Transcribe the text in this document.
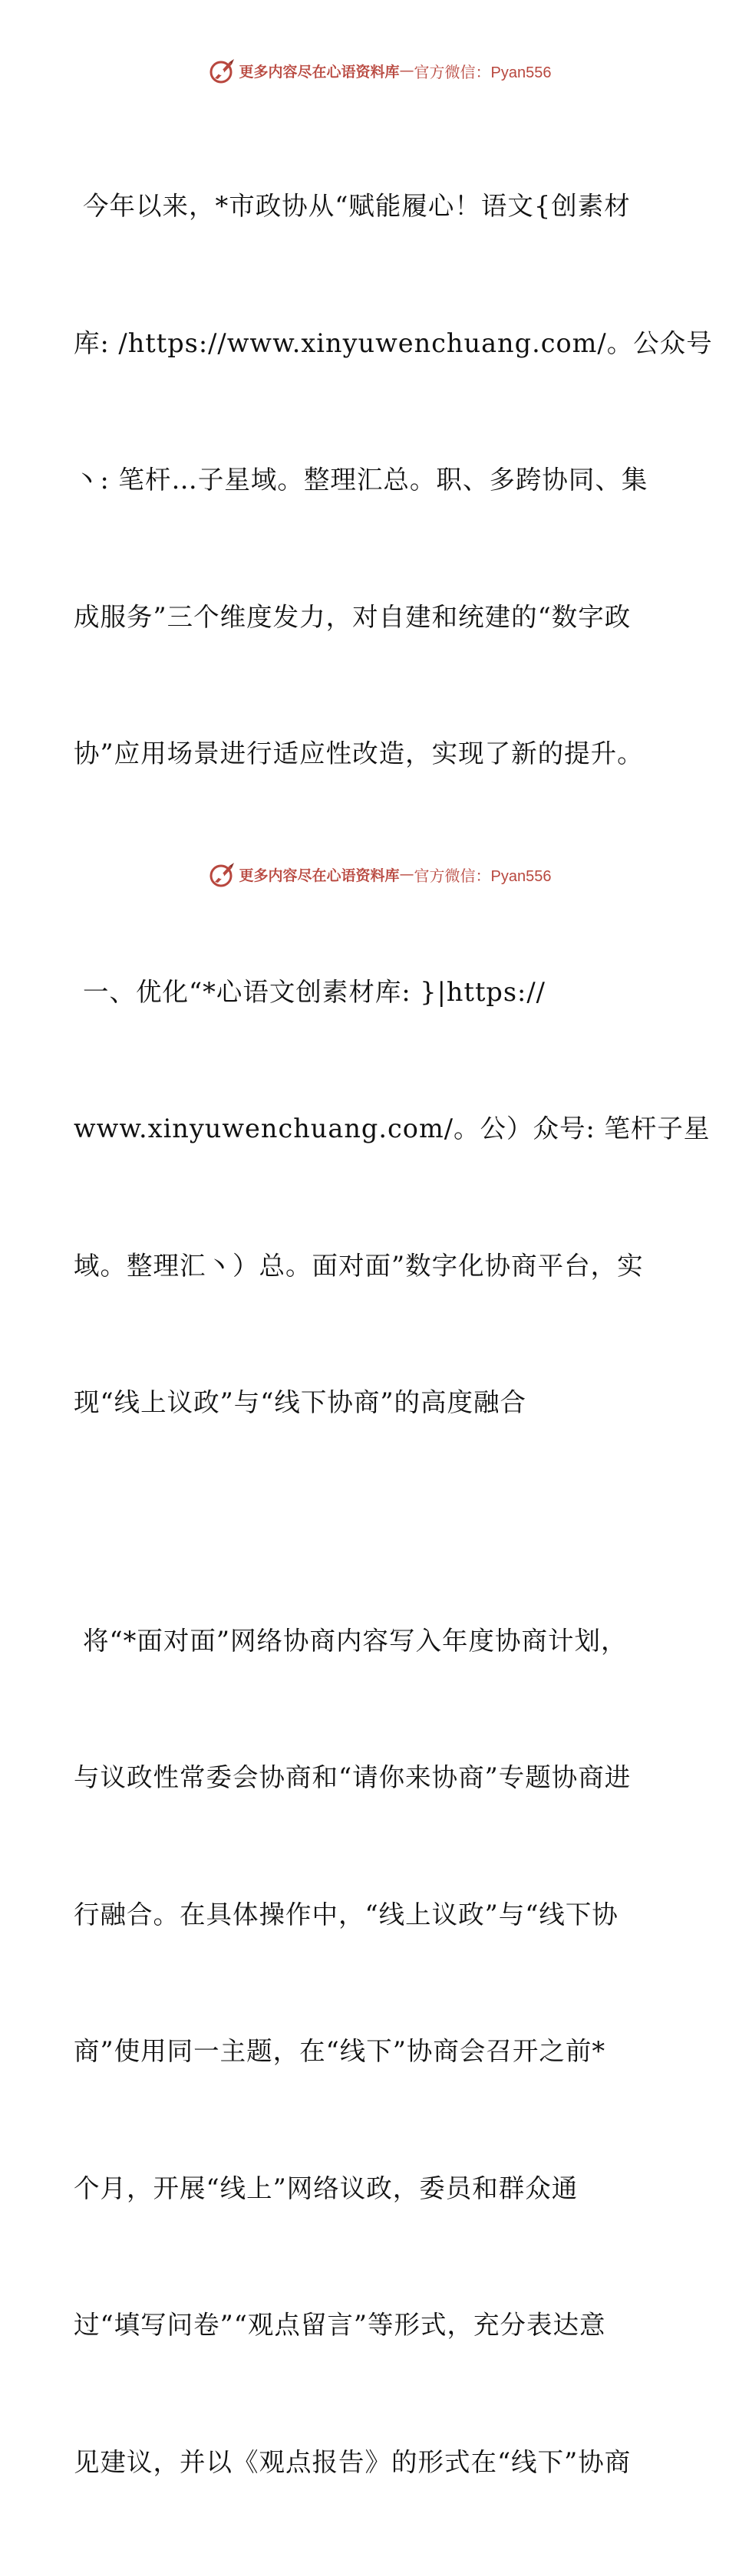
更多内容尽在心语资料库 — 官方微信：Pyan556

今年以来，*市政协从“赋能履心！语文{创素材

库: /https://www.xinyuwenchuang.com/。公众号

丶: 笔杆…子星域。整理汇总。职、多跨协同、集

成服务”三个维度发力，对自建和统建的“数字政

协”应用场景进行适应性改造，实现了新的提升。

一、优化“*心语文创素材库: }|https://

www.xinyuwenchuang.com/。公）众号: 笔杆子星

域。整理汇丶）总。面对面”数字化协商平台，实

现“线上议政”与“线下协商”的高度融合

将“*面对面”网络协商内容写入年度协商计划，

与议政性常委会协商和“请你来协商”专题协商进

行融合。在具体操作中，“线上议政”与“线下协

商”使用同一主题，在“线下”协商会召开之前*

个月，开展“线上”网络议政，委员和群众通

过“填写问卷”“观点留言”等形式，充分表达意

见建议，并以《观点报告》的形式在“线下”协商

更多内容尽在心语资料库 — 官方微信：Pyan556
